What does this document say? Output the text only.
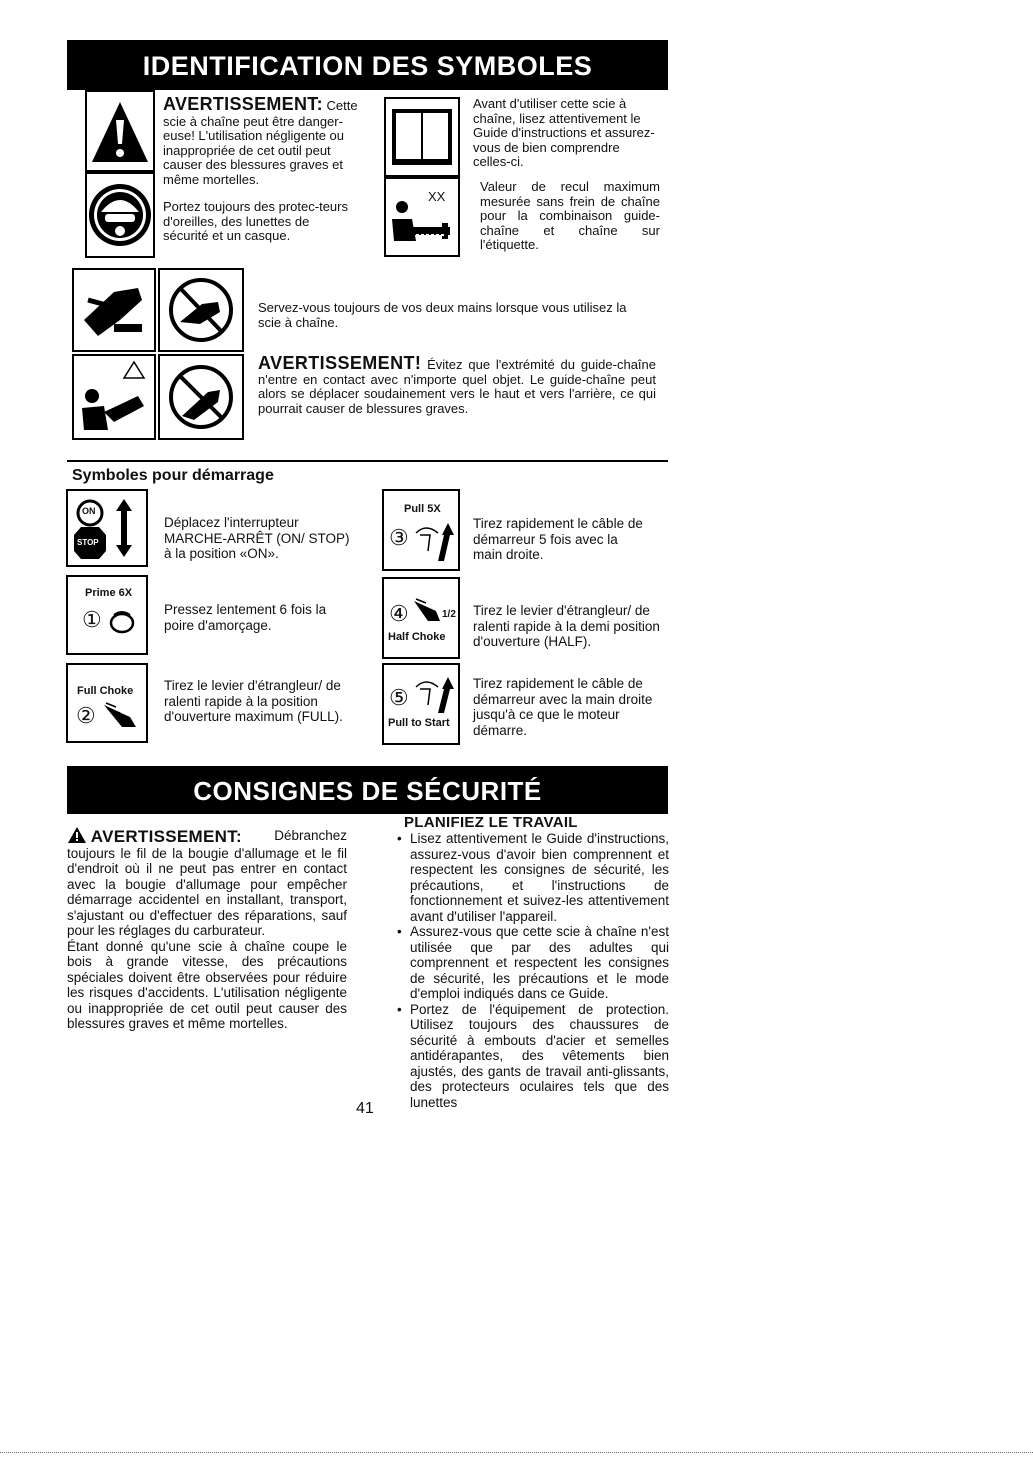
IDENTIFICATION DES SYMBOLES
AVERTISSEMENT: Cette
scie à chaîne peut être danger-euse! L'utilisation négligente ou inappropriée de cet outil peut causer des blessures graves et même mortelles.
Portez toujours des protec-teurs d'oreilles, des lunettes de sécurité et un casque.
Avant d'utiliser cette scie à chaîne, lisez attentivement le Guide d'instructions et assurez-vous de bien comprendre celles-ci.
XX
Valeur de recul maximum mesurée sans frein de chaîne pour la combinaison guide-chaîne et chaîne sur l'étiquette.
Servez-vous toujours de vos deux mains lorsque vous utilisez la scie à chaîne.
AVERTISSEMENT! Évitez que l'extrémité du guide-chaîne n'entre en contact avec n'importe quel objet. Le guide-chaîne peut alors se déplacer soudainement vers le haut et vers l'arrière, ce qui pourrait causer de blessures graves.
Symboles pour démarrage
ON
STOP
Déplacez l'interrupteur MARCHE-ARRÊT (ON/ STOP) à la position «ON».
Prime 6X
①	Pressez lentement 6 fois la poire d'amorçage.
Full Choke
②
Tirez le levier d'étrangleur/ de ralenti rapide à la position d'ouverture maximum (FULL).
Pull 5X
③
Tirez rapidement le câble de démarreur 5 fois avec la main droite.
④	1/2
Half Choke
Tirez le levier d'étrangleur/ de ralenti rapide à la demi position d'ouverture (HALF).
⑤
Pull to Start
Tirez rapidement le câble de démarreur avec la main droite jusqu'à ce que le moteur démarre.
CONSIGNES DE SÉCURITÉ
AVERTISSEMENT: Débranchez
toujours le fil de la bougie d'allumage et le fil d'endroit où il ne peut pas entrer en contact avec la bougie d'allumage pour empêcher démarrage accidentel en installant, transport, s'ajustant ou d'effectuer des réparations, sauf pour les réglages du carburateur.
Étant donné qu'une scie à chaîne coupe le bois à grande vitesse, des précautions spéciales doivent être observées pour réduire les risques d'accidents. L'utilisation négligente ou inappropriée de cet outil peut causer des blessures graves et même mortelles.
PLANIFIEZ LE TRAVAIL
• Lisez attentivement le Guide d'instructions, assurez-vous d'avoir bien comprennent et respectent les consignes de sécurité, les précautions, et l'instructions de fonctionnement et suivez-les attentivement avant d'utiliser l'appareil.
• Assurez-vous que cette scie à chaîne n'est utilisée que par des adultes qui comprennent et respectent les consignes de sécurité, les précautions et le mode d'emploi indiqués dans ce Guide.
• Portez de l'équipement de protection. Utilisez toujours des chaussures de sécurité à embouts d'acier et semelles antidérapantes, des vêtements bien ajustés, des gants de travail anti-glissants, des protecteurs oculaires tels que des lunettes
41
